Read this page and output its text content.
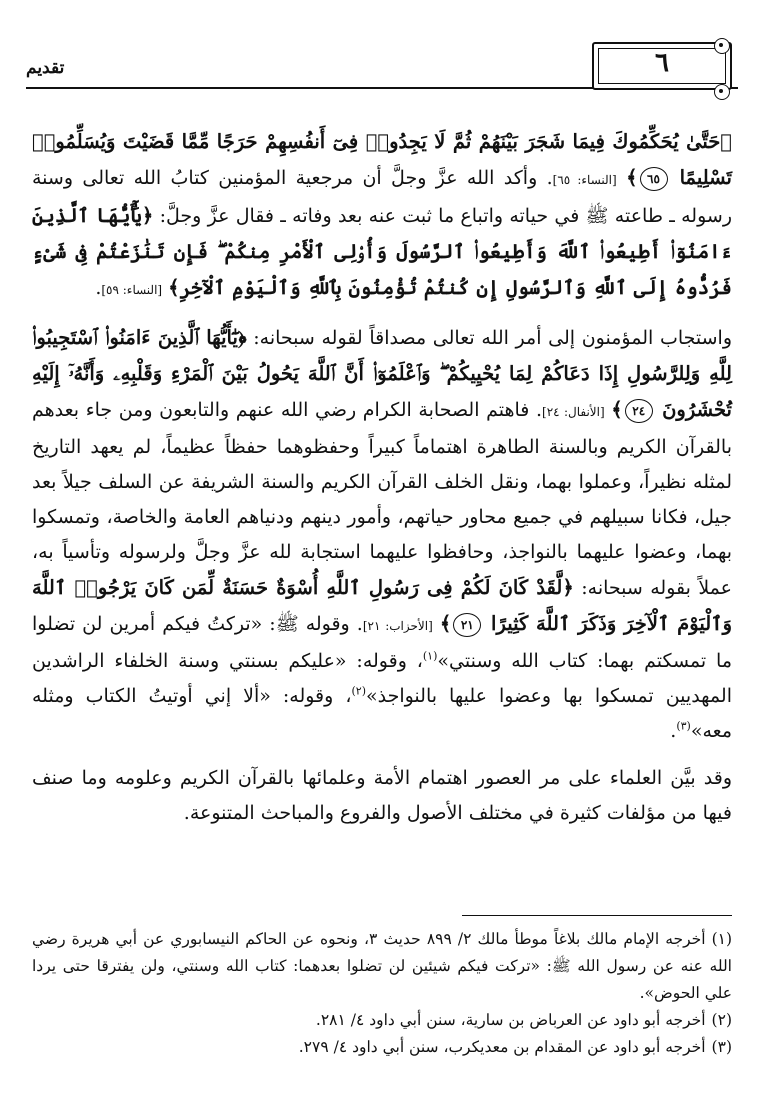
تقديم	٦

﴿حَتَّىٰ يُحَكِّمُوكَ فِيمَا شَجَرَ بَيْنَهُمْ ثُمَّ لَا يَجِدُوا۟ فِىٓ أَنفُسِهِمْ حَرَجًا مِّمَّا قَضَيْتَ وَيُسَلِّمُوا۟ تَسْلِيمًا ٦٥﴾ [النساء: ٦٥]. وأكد الله عزَّ وجلَّ أن مرجعية المؤمنين كتابُ الله تعالى وسنة رسوله ـ طاعته ﷺ في حياته واتباع ما ثبت عنه بعد وفاته ـ فقال عزَّ وجلَّ: ﴿يَٰٓأَيُّهَا ٱلَّذِينَ ءَامَنُوٓا۟ أَطِيعُوا۟ ٱللَّهَ وَأَطِيعُوا۟ ٱلرَّسُولَ وَأُو۟لِى ٱلْأَمْرِ مِنكُمْ ۖ فَإِن تَنَٰزَعْتُمْ فِى شَىْءٍ فَرُدُّوهُ إِلَى ٱللَّهِ وَٱلرَّسُولِ إِن كُنتُمْ تُؤْمِنُونَ بِٱللَّهِ وَٱلْيَوْمِ ٱلْآخِرِ﴾ [النساء: ٥٩].

واستجاب المؤمنون إلى أمر الله تعالى مصداقاً لقوله سبحانه: ﴿يَٰٓأَيُّهَا ٱلَّذِينَ ءَامَنُوا۟ ٱسْتَجِيبُوا۟ لِلَّهِ وَلِلرَّسُولِ إِذَا دَعَاكُمْ لِمَا يُحْيِيكُمْ ۖ وَٱعْلَمُوٓا۟ أَنَّ ٱللَّهَ يَحُولُ بَيْنَ ٱلْمَرْءِ وَقَلْبِهِۦ وَأَنَّهُۥٓ إِلَيْهِ تُحْشَرُونَ ٢٤﴾ [الأنفال: ٢٤]. فاهتم الصحابة الكرام رضي الله عنهم والتابعون ومن جاء بعدهم بالقرآن الكريم وبالسنة الطاهرة اهتماماً كبيراً وحفظوهما حفظاً عظيماً، لم يعهد التاريخ لمثله نظيراً، وعملوا بهما، ونقل الخلف القرآن الكريم والسنة الشريفة عن السلف جيلاً بعد جيل، فكانا سبيلهم في جميع محاور حياتهم، وأمور دينهم ودنياهم العامة والخاصة، وتمسكوا بهما، وعضوا عليهما بالنواجذ، وحافظوا عليهما استجابة لله عزَّ وجلَّ ولرسوله وتأسياً به، عملاً بقوله سبحانه: ﴿لَّقَدْ كَانَ لَكُمْ فِى رَسُولِ ٱللَّهِ أُسْوَةٌ حَسَنَةٌ لِّمَن كَانَ يَرْجُوا۟ ٱللَّهَ وَٱلْيَوْمَ ٱلْآخِرَ وَذَكَرَ ٱللَّهَ كَثِيرًا ٢١﴾ [الأحزاب: ٢١]. وقوله ﷺ: «تركتُ فيكم أمرين لن تضلوا ما تمسكتم بهما: كتاب الله وسنتي»$^{(١)}$، وقوله: «عليكم بسنتي وسنة الخلفاء الراشدين المهديين تمسكوا بها وعضوا عليها بالنواجذ»$^{(٢)}$، وقوله: «ألا إني أوتيتُ الكتاب ومثله معه»$^{(٣)}$.

وقد بيَّن العلماء على مر العصور اهتمام الأمة وعلمائها بالقرآن الكريم وعلومه وما صنف فيها من مؤلفات كثيرة في مختلف الأصول والفروع والمباحث المتنوعة.

(١)أخرجه الإمام مالك بلاغاً موطأ مالك ٢/ ٨٩٩ حديث ٣، ونحوه عن الحاكم النيسابوري عن أبي هريرة رضي الله عنه عن رسول الله ﷺ: «تركت فيكم شيئين لن تضلوا بعدهما: كتاب الله وسنتي، ولن يفترقا حتى يردا علي الحوض».

(٢)أخرجه أبو داود عن العرباض بن سارية، سنن أبي داود ٤/ ٢٨١.

(٣)أخرجه أبو داود عن المقدام بن معديكرب، سنن أبي داود ٤/ ٢٧٩.
